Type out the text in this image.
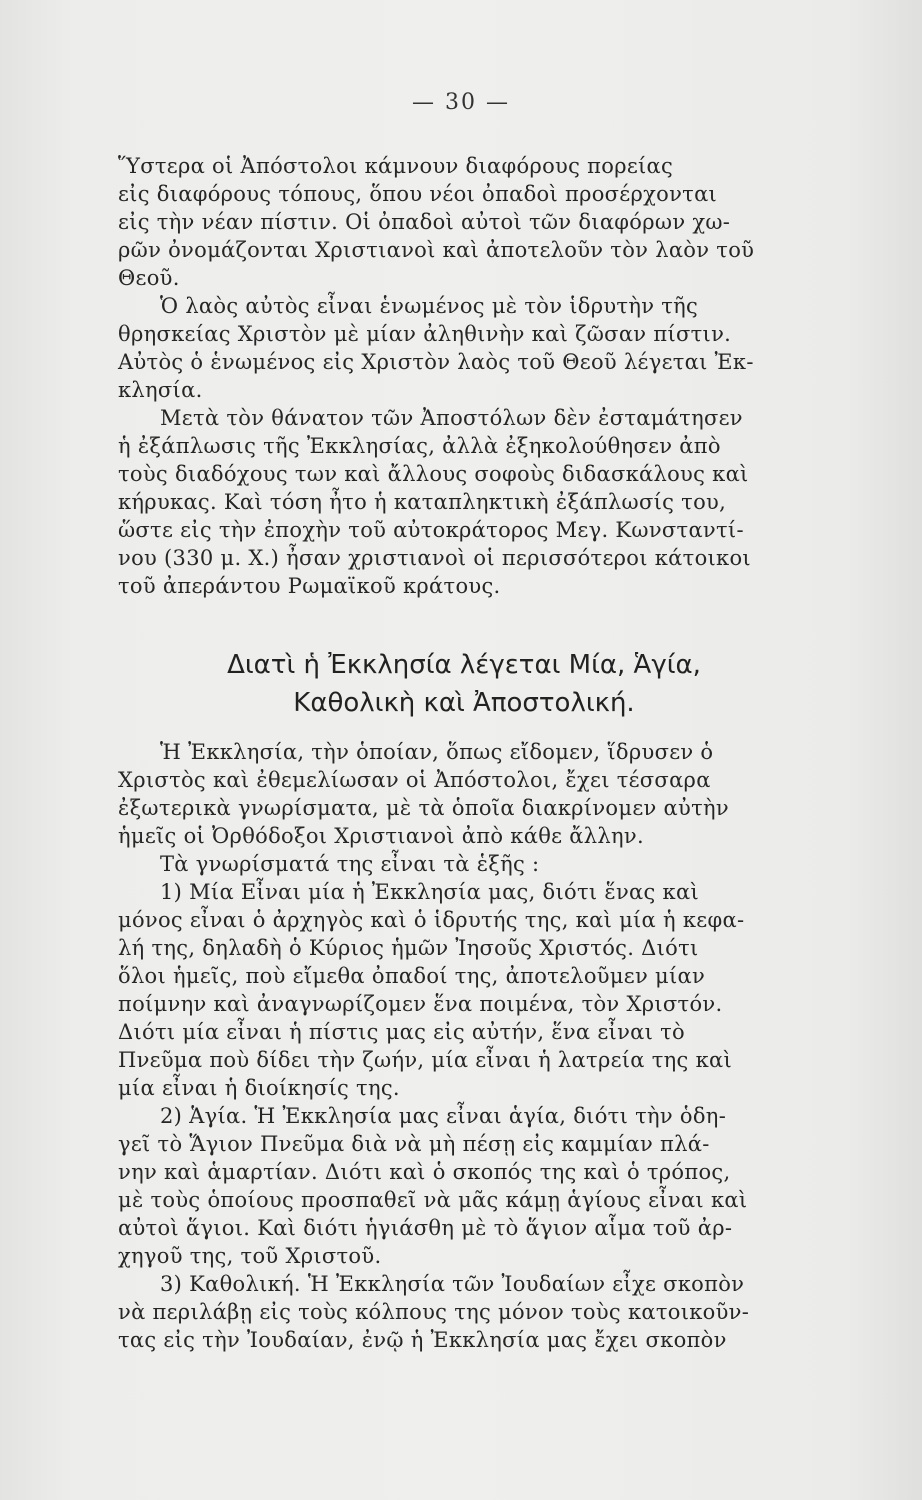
— 30 —
Ὕστερα οἱ Ἀπόστολοι κάμνουν διαφόρους πορείας
εἰς διαφόρους τόπους, ὅπου νέοι ὀπαδοὶ προσέρχονται
εἰς τὴν νέαν πίστιν. Οἱ ὀπαδοὶ αὐτοὶ τῶν διαφόρων χω-
ρῶν ὀνομάζονται Χριστιανοὶ καὶ ἀποτελοῦν τὸν λαὸν τοῦ
Θεοῦ.
Ὁ λαὸς αὐτὸς εἶναι ἑνωμένος μὲ τὸν ἱδρυτὴν τῆς
θρησκείας Χριστὸν μὲ μίαν ἀληθινὴν καὶ ζῶσαν πίστιν.
Αὐτὸς ὁ ἑνωμένος εἰς Χριστὸν λαὸς τοῦ Θεοῦ λέγεται Ἐκ-
κλησία.
Μετὰ τὸν θάνατον τῶν Ἀποστόλων δὲν ἐσταμάτησεν
ἡ ἐξάπλωσις τῆς Ἐκκλησίας, ἀλλὰ ἐξηκολούθησεν ἀπὸ
τοὺς διαδόχους των καὶ ἄλλους σοφοὺς διδασκάλους καὶ
κήρυκας. Καὶ τόση ἦτο ἡ καταπληκτικὴ ἐξάπλωσίς του,
ὥστε εἰς τὴν ἐποχὴν τοῦ αὐτοκράτορος Μεγ. Κωνσταντί-
νου (330 μ. Χ.) ἦσαν χριστιανοὶ οἱ περισσότεροι κάτοικοι
τοῦ ἀπεράντου Ρωμαϊκοῦ κράτους.
Διατὶ ἡ Ἐκκλησία λέγεται Μία, Ἁγία,
Καθολικὴ καὶ Ἀποστολική.
Ἡ Ἐκκλησία, τὴν ὁποίαν, ὅπως εἴδομεν, ἵδρυσεν ὁ
Χριστὸς καὶ ἐθεμελίωσαν οἱ Ἀπόστολοι, ἔχει τέσσαρα
ἐξωτερικὰ γνωρίσματα, μὲ τὰ ὁποῖα διακρίνομεν αὐτὴν
ἡμεῖς οἱ Ὀρθόδοξοι Χριστιανοὶ ἀπὸ κάθε ἄλλην.
Τὰ γνωρίσματά της εἶναι τὰ ἑξῆς :
1) Μία Εἶναι μία ἡ Ἐκκλησία μας, διότι ἕνας καὶ
μόνος εἶναι ὁ ἀρχηγὸς καὶ ὁ ἱδρυτής της, καὶ μία ἡ κεφα-
λή της, δηλαδὴ ὁ Κύριος ἡμῶν Ἰησοῦς Χριστός. Διότι
ὅλοι ἡμεῖς, ποὺ εἴμεθα ὀπαδοί της, ἀποτελοῦμεν μίαν
ποίμνην καὶ ἀναγνωρίζομεν ἕνα ποιμένα, τὸν Χριστόν.
Διότι μία εἶναι ἡ πίστις μας εἰς αὐτήν, ἕνα εἶναι τὸ
Πνεῦμα ποὺ δίδει τὴν ζωήν, μία εἶναι ἡ λατρεία της καὶ
μία εἶναι ἡ διοίκησίς της.
2) Ἁγία. Ἡ Ἐκκλησία μας εἶναι ἁγία, διότι τὴν ὁδη-
γεῖ τὸ Ἅγιον Πνεῦμα διὰ νὰ μὴ πέσῃ εἰς καμμίαν πλά-
νην καὶ ἁμαρτίαν. Διότι καὶ ὁ σκοπός της καὶ ὁ τρόπος,
μὲ τοὺς ὁποίους προσπαθεῖ νὰ μᾶς κάμῃ ἁγίους εἶναι καὶ
αὐτοὶ ἅγιοι. Καὶ διότι ἡγιάσθη μὲ τὸ ἅγιον αἷμα τοῦ ἀρ-
χηγοῦ της, τοῦ Χριστοῦ.
3) Καθολική. Ἡ Ἐκκλησία τῶν Ἰουδαίων εἶχε σκοπὸν
νὰ περιλάβῃ εἰς τοὺς κόλπους της μόνον τοὺς κατοικοῦν-
τας εἰς τὴν Ἰουδαίαν, ἐνῷ ἡ Ἐκκλησία μας ἔχει σκοπὸν
